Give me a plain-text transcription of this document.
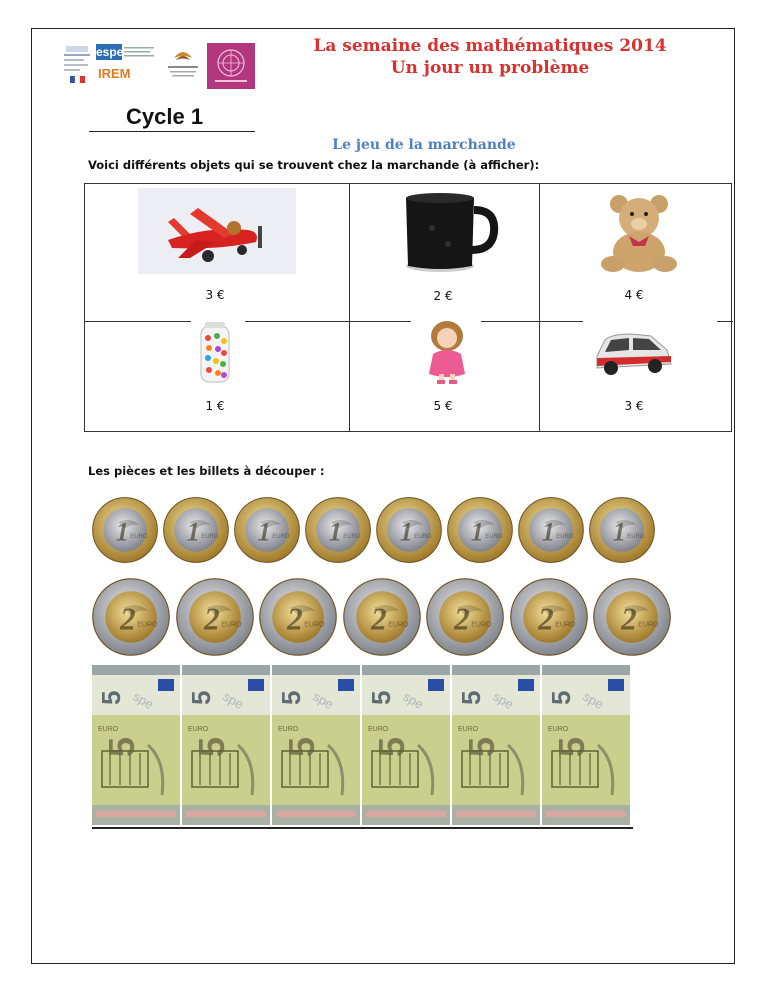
espe
IREM
La semaine des mathématiques 2014
Un jour un problème
Cycle 1
Le jeu de la marchande
Voici différents objets qui se trouvent chez la marchande (à afficher):
3 €	2 €	4 €
1 €	5 €	3 €
Les pièces et les billets à découper :
1 EURO 1 EURO 1 EURO 1 EURO 1 EURO 1 EURO 1 EURO 1 EURO
2 EURO 2 EURO 2 EURO 2 EURO 2 EURO 2 EURO 2 EURO
5 spe
EURO
5
5 spe
EURO
5
5 spe
EURO
5
5 spe
EURO
5
5 spe
EURO
5
5 spe
EURO
5
